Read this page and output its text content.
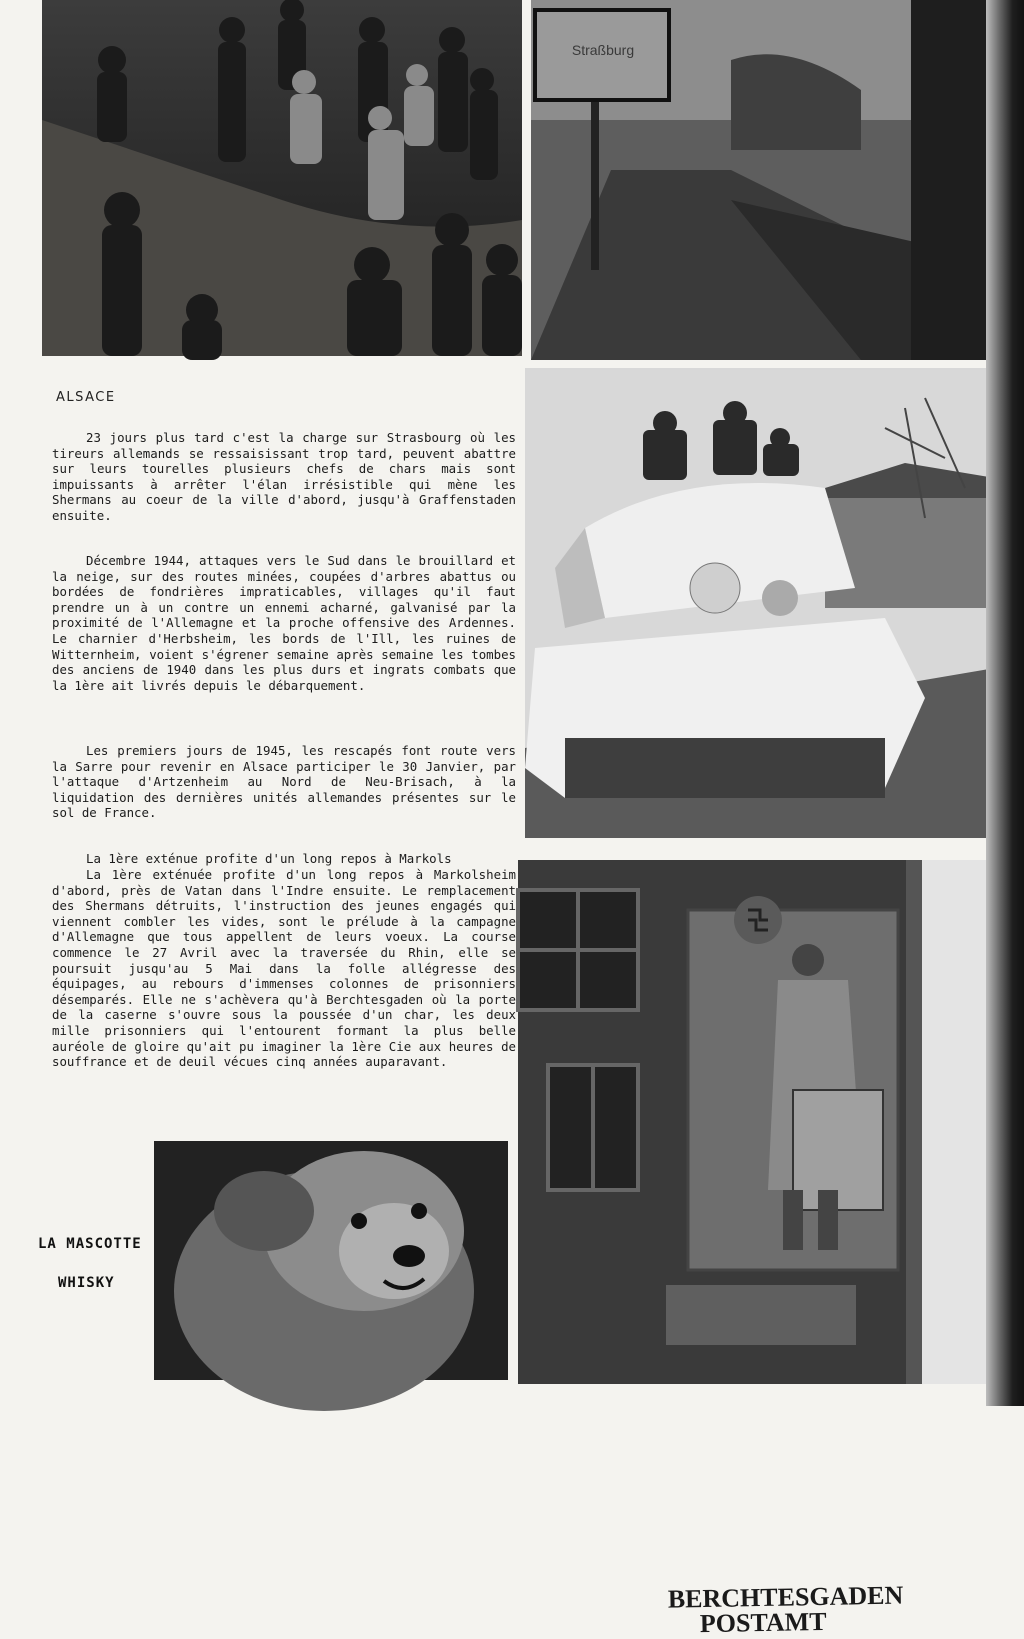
Straßburg
BERCHTESGADEN
POSTAMT
ALSACE

23 jours plus tard c'est la charge sur Strasbourg où les tireurs allemands se ressaisissant trop tard, peuvent abattre sur leurs tourelles plusieurs chefs de chars mais sont impuissants à arrêter l'élan irrésistible qui mène les Shermans au coeur de la ville d'abord, jusqu'à Graffenstaden ensuite.

Décembre 1944, attaques vers le Sud dans le brouillard et la neige, sur des routes minées, coupées d'arbres abattus ou bordées de fondrières impraticables, villages qu'il faut prendre un à un contre un ennemi acharné, galvanisé par la proximité de l'Allemagne et la proche offensive des Ardennes. Le charnier d'Herbsheim, les bords de l'Ill, les ruines de Witternheim, voient s'égrener semaine après semaine les tombes des anciens de 1940 dans les plus durs et ingrats combats que la 1ère ait livrés depuis le débarquement.

Les premiers jours de 1945, les rescapés font route vers la Sarre pour revenir en Alsace participer le 30 Janvier, par l'attaque d'Artzenheim au Nord de Neu-Brisach, à la liquidation des dernières unités allemandes présentes sur le sol de France.

La 1ère exténue profite d'un long repos à Markols

La 1ère exténuée profite d'un long repos à Markolsheim d'abord, près de Vatan dans l'Indre ensuite. Le remplacement des Shermans détruits, l'instruction des jeunes engagés qui viennent combler les vides, sont le prélude à la campagne d'Allemagne que tous appellent de leurs voeux. La course commence le 27 Avril avec la traversée du Rhin, elle se poursuit jusqu'au 5 Mai dans la folle allégresse des équipages, au rebours d'immenses colonnes de prisonniers désemparés. Elle ne s'achèvera qu'à Berchtesgaden où la porte de la caserne s'ouvre sous la poussée d'un char, les deux mille prisonniers qui l'entourent formant la plus belle auréole de gloire qu'ait pu imaginer la 1ère Cie aux heures de souffrance et de deuil vécues cinq années auparavant.

LA MASCOTTE
WHISKY
